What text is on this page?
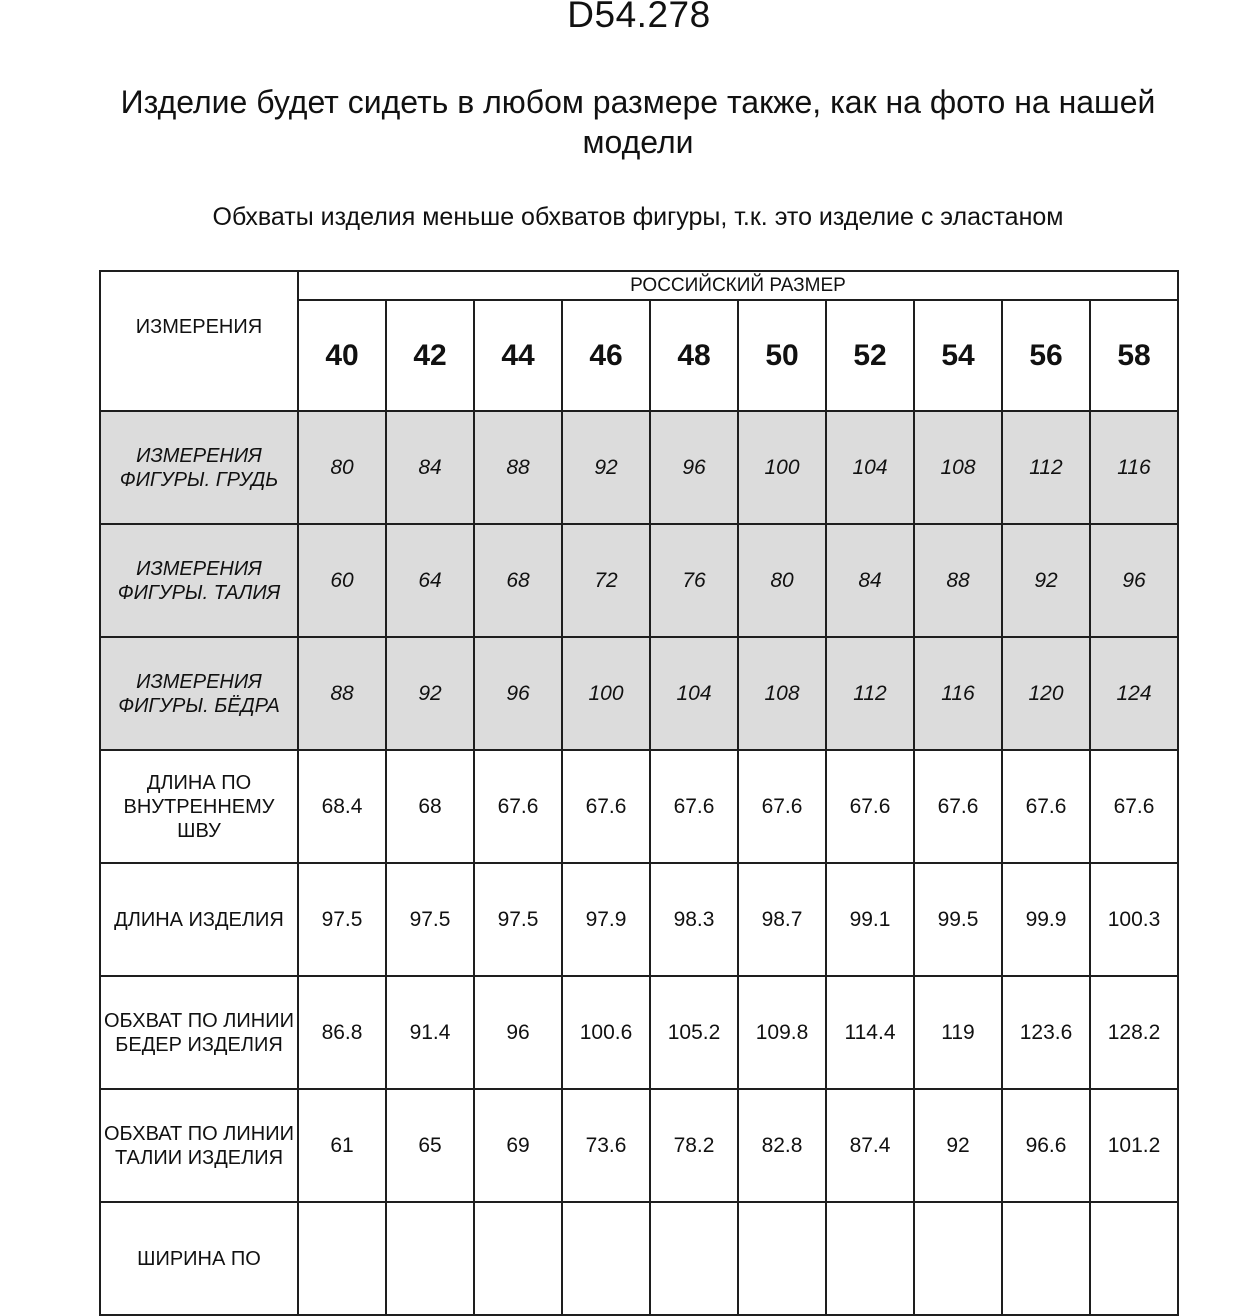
D54.278
Изделие будет сидеть в любом размере также, как на фото на нашей модели
Обхваты изделия меньше обхватов фигуры, т.к. это изделие с эластаном
ИЗМЕРЕНИЯ	РОССИЙСКИЙ РАЗМЕР									
	40	42	44	46	48	50	52	54	56	58
ИЗМЕРЕНИЯ ФИГУРЫ. ГРУДЬ	80	84	88	92	96	100	104	108	112	116
ИЗМЕРЕНИЯ ФИГУРЫ. ТАЛИЯ	60	64	68	72	76	80	84	88	92	96
ИЗМЕРЕНИЯ ФИГУРЫ. БЁДРА	88	92	96	100	104	108	112	116	120	124
ДЛИНА ПО ВНУТРЕННЕМУ ШВУ	68.4	68	67.6	67.6	67.6	67.6	67.6	67.6	67.6	67.6
ДЛИНА ИЗДЕЛИЯ	97.5	97.5	97.5	97.9	98.3	98.7	99.1	99.5	99.9	100.3
ОБХВАТ ПО ЛИНИИ БЕДЕР ИЗДЕЛИЯ	86.8	91.4	96	100.6	105.2	109.8	114.4	119	123.6	128.2
ОБХВАТ ПО ЛИНИИ ТАЛИИ ИЗДЕЛИЯ	61	65	69	73.6	78.2	82.8	87.4	92	96.6	101.2
ШИРИНА ПО										
